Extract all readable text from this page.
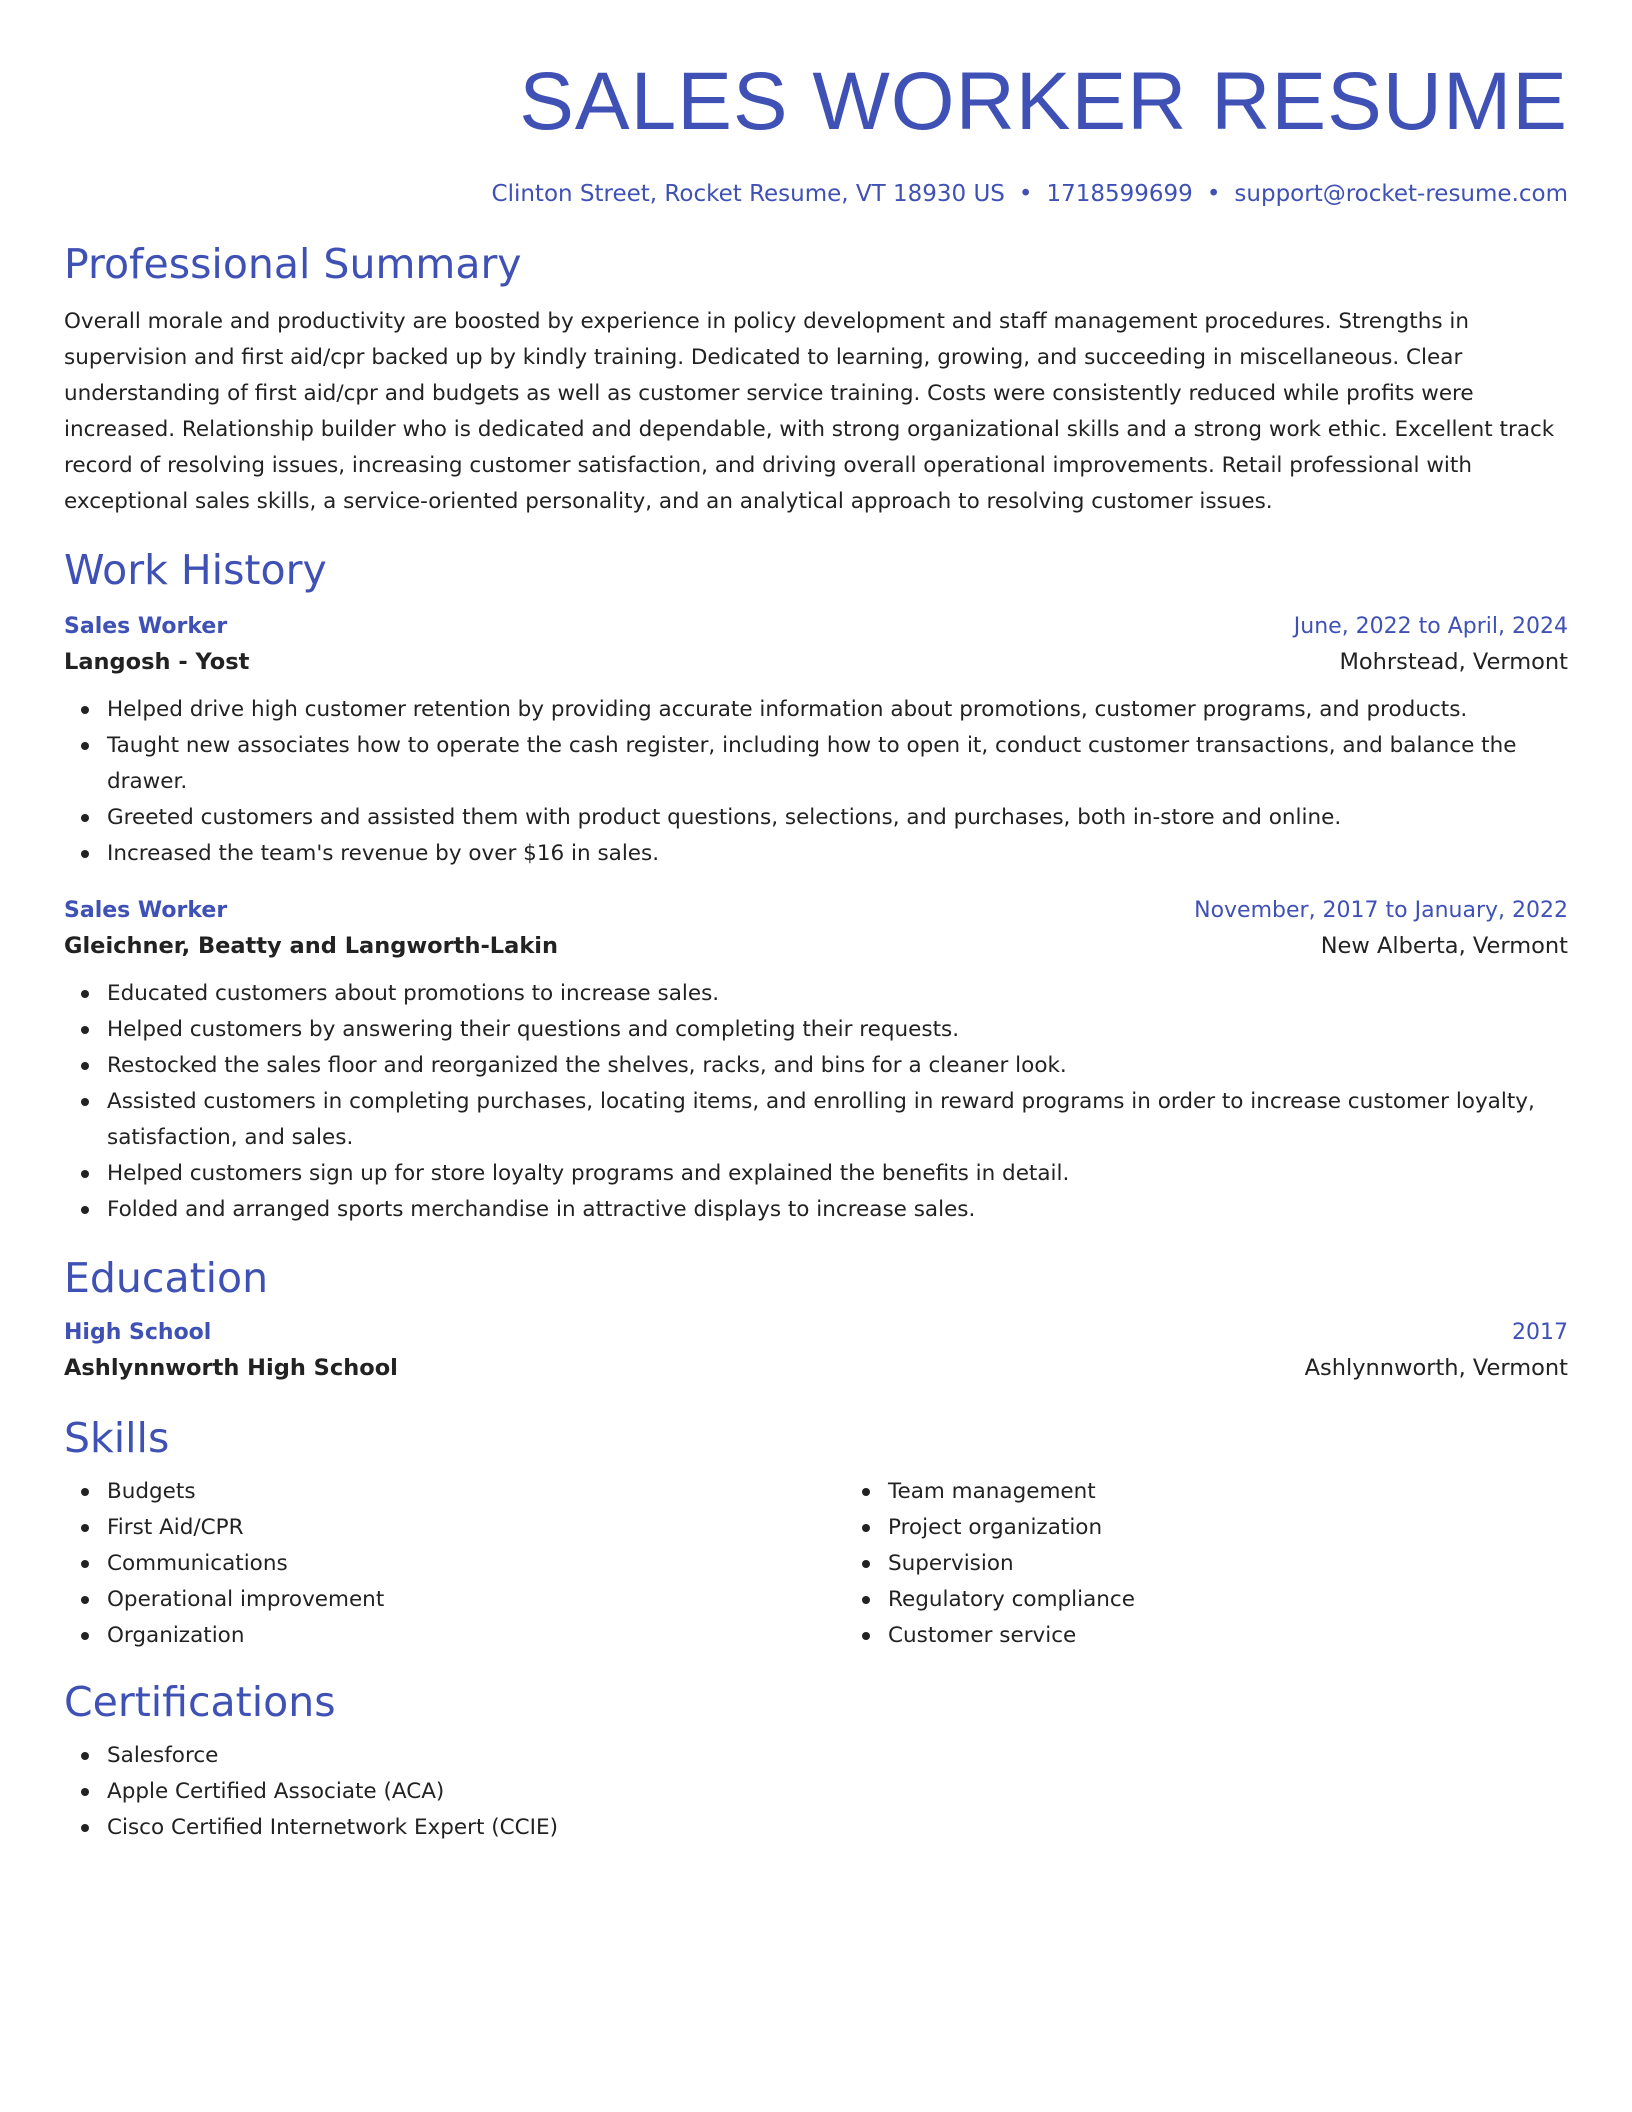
SALES WORKER RESUME
Clinton Street, Rocket Resume, VT 18930 US • 1718599699 • support@rocket-resume.com
Professional Summary
Overall morale and productivity are boosted by experience in policy development and staff management procedures. Strengths in supervision and first aid/cpr backed up by kindly training. Dedicated to learning, growing, and succeeding in miscellaneous. Clear understanding of first aid/cpr and budgets as well as customer service training. Costs were consistently reduced while profits were increased. Relationship builder who is dedicated and dependable, with strong organizational skills and a strong work ethic. Excellent track record of resolving issues, increasing customer satisfaction, and driving overall operational improvements. Retail professional with exceptional sales skills, a service-oriented personality, and an analytical approach to resolving customer issues.
Work History
Sales Worker	June, 2022 to April, 2024
Langosh - Yost	Mohrstead, Vermont
Helped drive high customer retention by providing accurate information about promotions, customer programs, and products.
Taught new associates how to operate the cash register, including how to open it, conduct customer transactions, and balance the drawer.
Greeted customers and assisted them with product questions, selections, and purchases, both in-store and online.
Increased the team's revenue by over $16 in sales.
Sales Worker	November, 2017 to January, 2022
Gleichner, Beatty and Langworth-Lakin	New Alberta, Vermont
Educated customers about promotions to increase sales.
Helped customers by answering their questions and completing their requests.
Restocked the sales floor and reorganized the shelves, racks, and bins for a cleaner look.
Assisted customers in completing purchases, locating items, and enrolling in reward programs in order to increase customer loyalty, satisfaction, and sales.
Helped customers sign up for store loyalty programs and explained the benefits in detail.
Folded and arranged sports merchandise in attractive displays to increase sales.
Education
High School	2017
Ashlynnworth High School	Ashlynnworth, Vermont
Skills
Budgets
First Aid/CPR
Communications
Operational improvement
Organization
Team management
Project organization
Supervision
Regulatory compliance
Customer service
Certifications
Salesforce
Apple Certified Associate (ACA)
Cisco Certified Internetwork Expert (CCIE)
